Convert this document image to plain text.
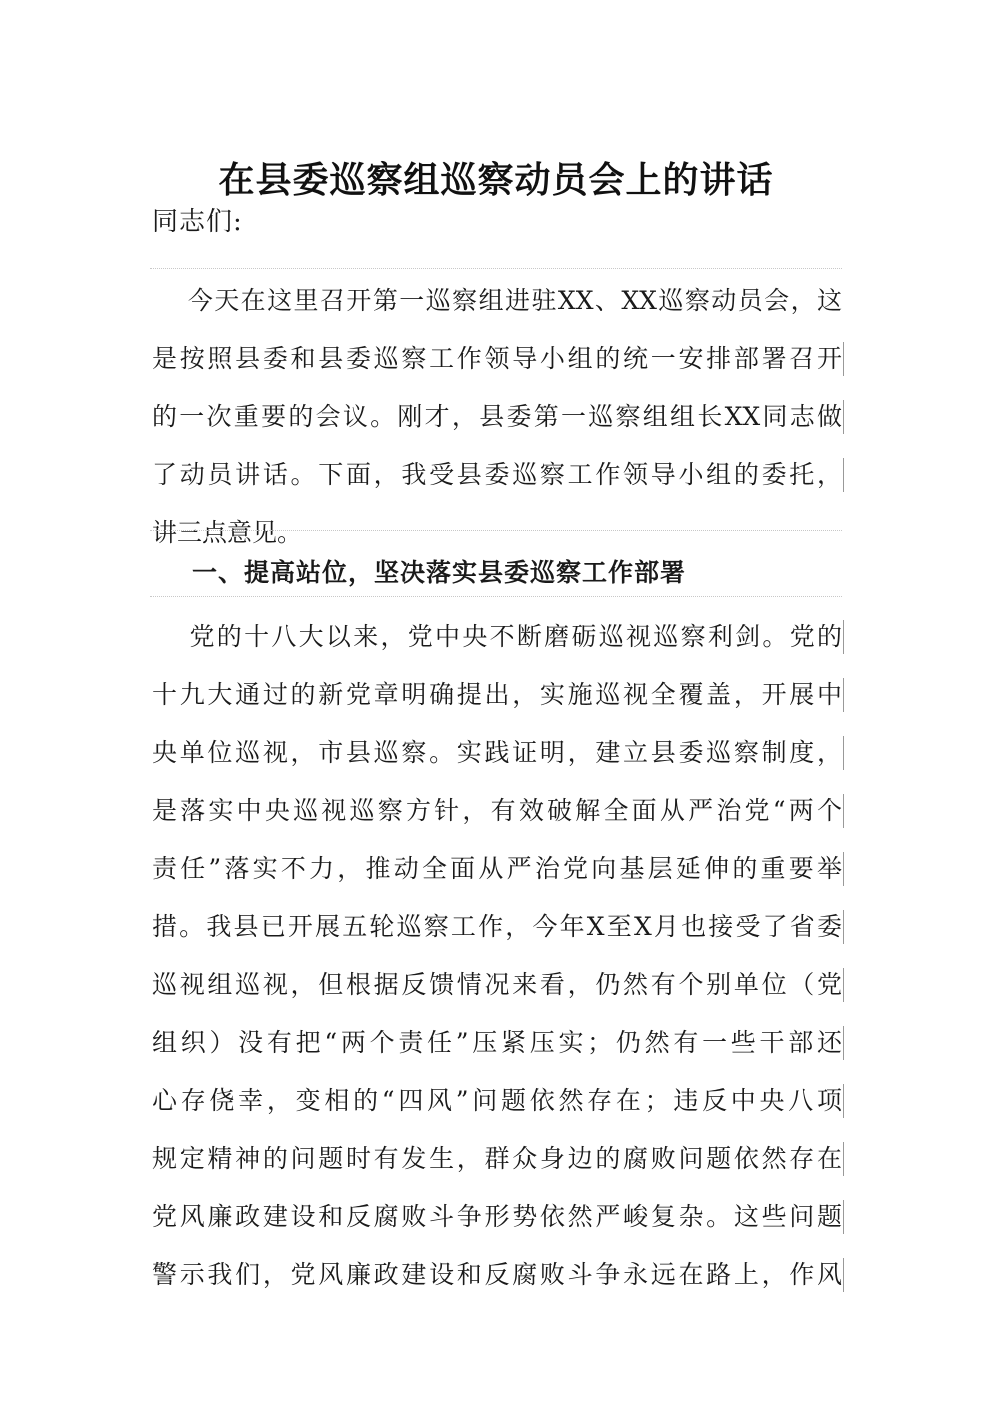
在县委巡察组巡察动员会上的讲话
同志们:
　 今天在这里召开第一巡察组进驻XX、XX巡察动员会，这
是按照县委和县委巡察工作领导小组的统一安排部署召开
的一次重要的会议。刚才，县委第一巡察组组长XX同志做
了动员讲话。下面，我受县委巡察工作领导小组的委托，
讲三点意见。
一、提高站位，坚决落实县委巡察工作部署
　 党的十八大以来，党中央不断磨砺巡视巡察利剑。党的
十九大通过的新党章明确提出，实施巡视全覆盖，开展中
央单位巡视，市县巡察。实践证明，建立县委巡察制度，
是落实中央巡视巡察方针，有效破解全面从严治党“两个
责任”落实不力，推动全面从严治党向基层延伸的重要举
措。我县已开展五轮巡察工作，今年X至X月也接受了省委
巡视组巡视，但根据反馈情况来看，仍然有个别单位（党
组织）没有把“两个责任”压紧压实；仍然有一些干部还
心存侥幸，变相的“四风”问题依然存在；违反中央八项
规定精神的问题时有发生，群众身边的腐败问题依然存在
党风廉政建设和反腐败斗争形势依然严峻复杂。这些问题
警示我们，党风廉政建设和反腐败斗争永远在路上，作风
